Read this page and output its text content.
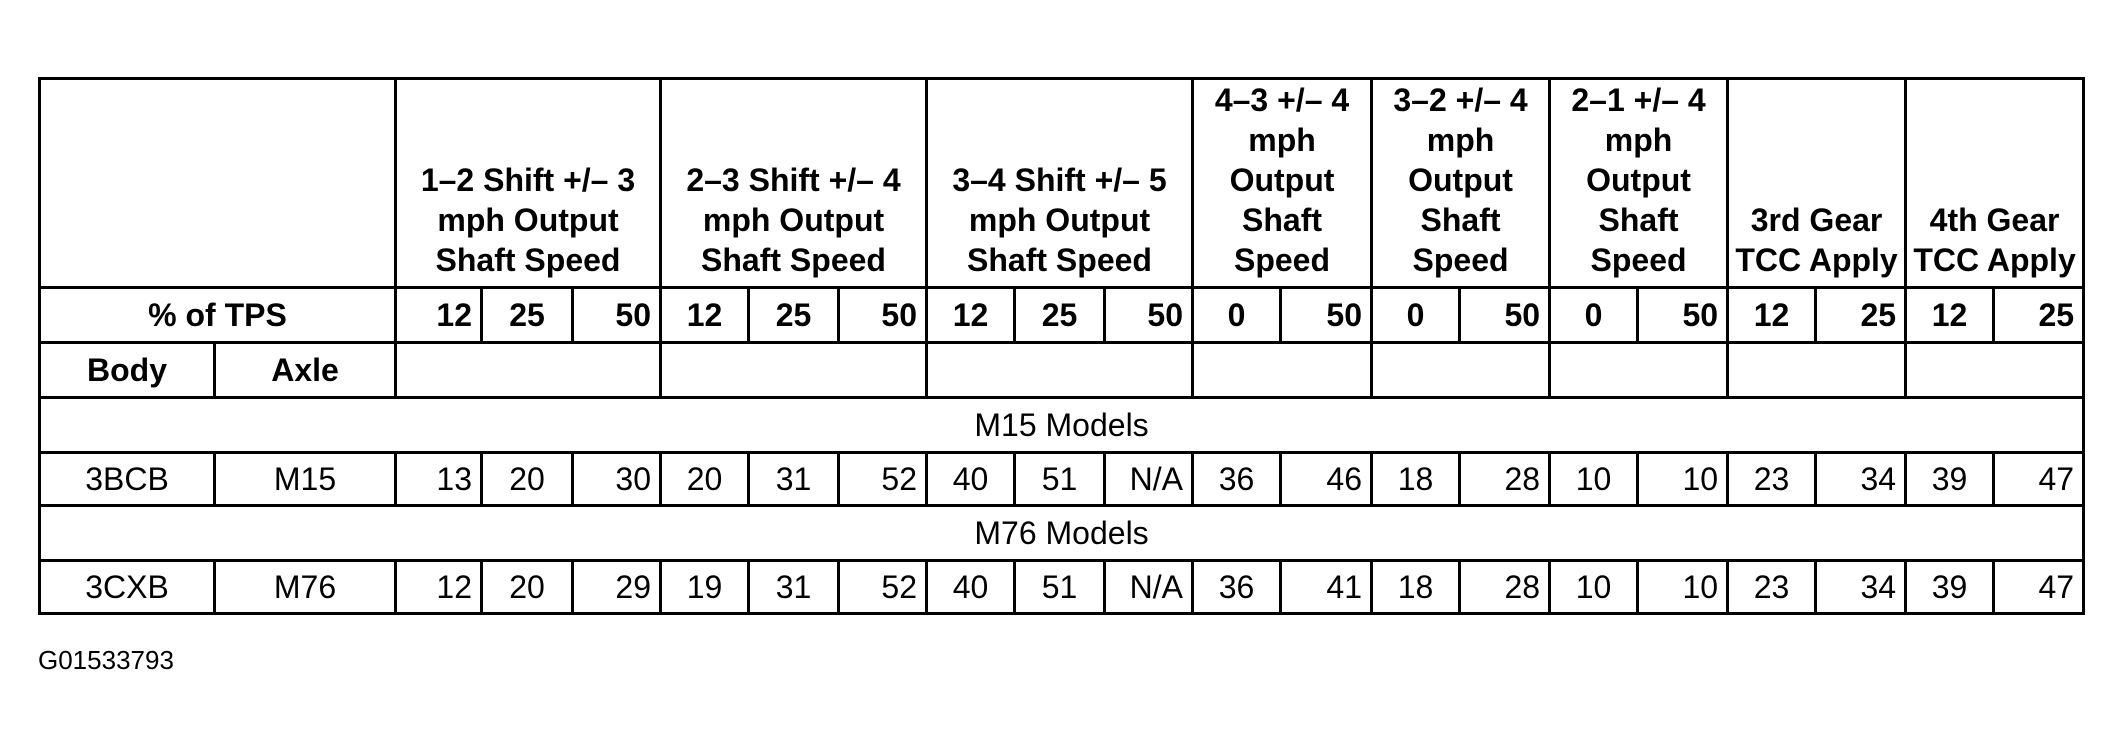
		1–2 Shift +/– 3 mph Output Shaft Speed			2–3 Shift +/– 4 mph Output Shaft Speed			3–4 Shift +/– 5 mph Output Shaft Speed			4–3 +/– 4 mph Output Shaft Speed		3–2 +/– 4 mph Output Shaft Speed		2–1 +/– 4 mph Output Shaft Speed		3rd Gear TCC Apply		4th Gear TCC Apply	
% of TPS		12	25	50	12	25	50	12	25	50	0	50	0	50	0	50	12	25	12	25
Body	Axle																			
M15 Models																				
3BCB	M15	13	20	30	20	31	52	40	51	N/A	36	46	18	28	10	10	23	34	39	47
M76 Models																				
3CXB	M76	12	20	29	19	31	52	40	51	N/A	36	41	18	28	10	10	23	34	39	47
G01533793
